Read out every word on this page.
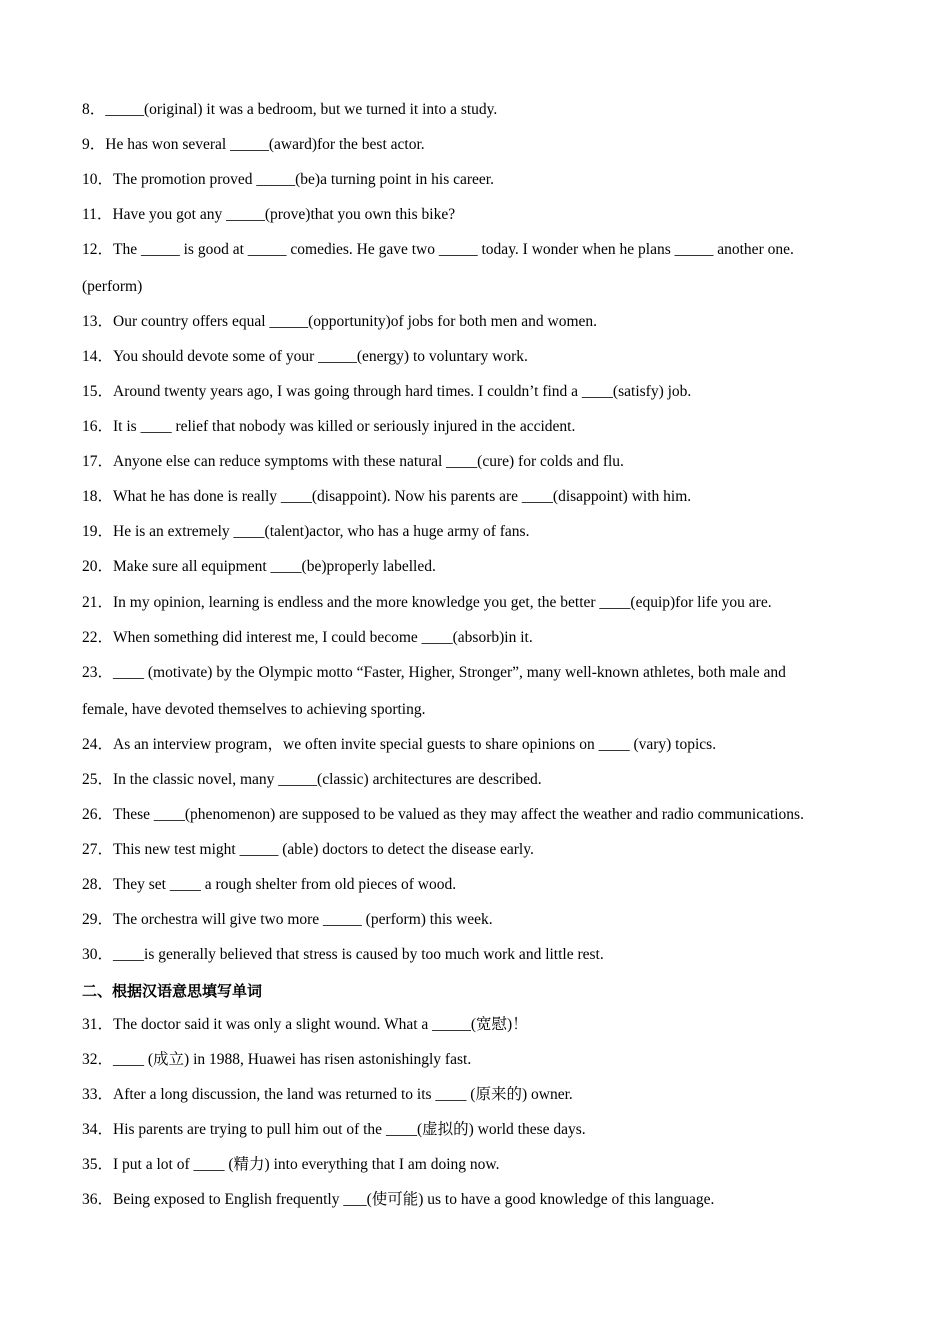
8．_____(original) it was a bedroom, but we turned it into a study.
9．He has won several _____(award)for the best actor.
10．The promotion proved _____(be)a turning point in his career.
11．Have you got any _____(prove)that you own this bike?
12．The _____ is good at _____ comedies. He gave two _____ today. I wonder when he plans _____ another one.
(perform)
13．Our country offers equal _____(opportunity)of jobs for both men and women.
14．You should devote some of your _____(energy) to voluntary work.
15．Around twenty years ago, I was going through hard times. I couldn’t find a ____(satisfy) job.
16．It is ____ relief that nobody was killed or seriously injured in the accident.
17．Anyone else can reduce symptoms with these natural ____(cure) for colds and flu.
18．What he has done is really ____(disappoint). Now his parents are ____(disappoint) with him.
19．He is an extremely ____(talent)actor, who has a huge army of fans.
20．Make sure all equipment ____(be)properly labelled.
21．In my opinion, learning is endless and the more knowledge you get, the better ____(equip)for life you are.
22．When something did interest me, I could become ____(absorb)in it.
23．____ (motivate) by the Olympic motto “Faster, Higher, Stronger”, many well-known athletes, both male and
female, have devoted themselves to achieving sporting.
24．As an interview program，we often invite special guests to share opinions on ____ (vary) topics.
25．In the classic novel, many _____(classic) architectures are described.
26．These ____(phenomenon) are supposed to be valued as they may affect the weather and radio communications.
27．This new test might _____ (able) doctors to detect the disease early.
28．They set ____ a rough shelter from old pieces of wood.
29．The orchestra will give two more _____ (perform) this week.
30．____is generally believed that stress is caused by too much work and little rest.
二、根据汉语意思填写单词
31．The doctor said it was only a slight wound. What a _____(宽慰)！
32．____ (成立) in 1988, Huawei has risen astonishingly fast.
33．After a long discussion, the land was returned to its ____ (原来的) owner.
34．His parents are trying to pull him out of the ____(虚拟的) world these days.
35．I put a lot of ____ (精力) into everything that I am doing now.
36．Being exposed to English frequently ___(使可能) us to have a good knowledge of this language.
